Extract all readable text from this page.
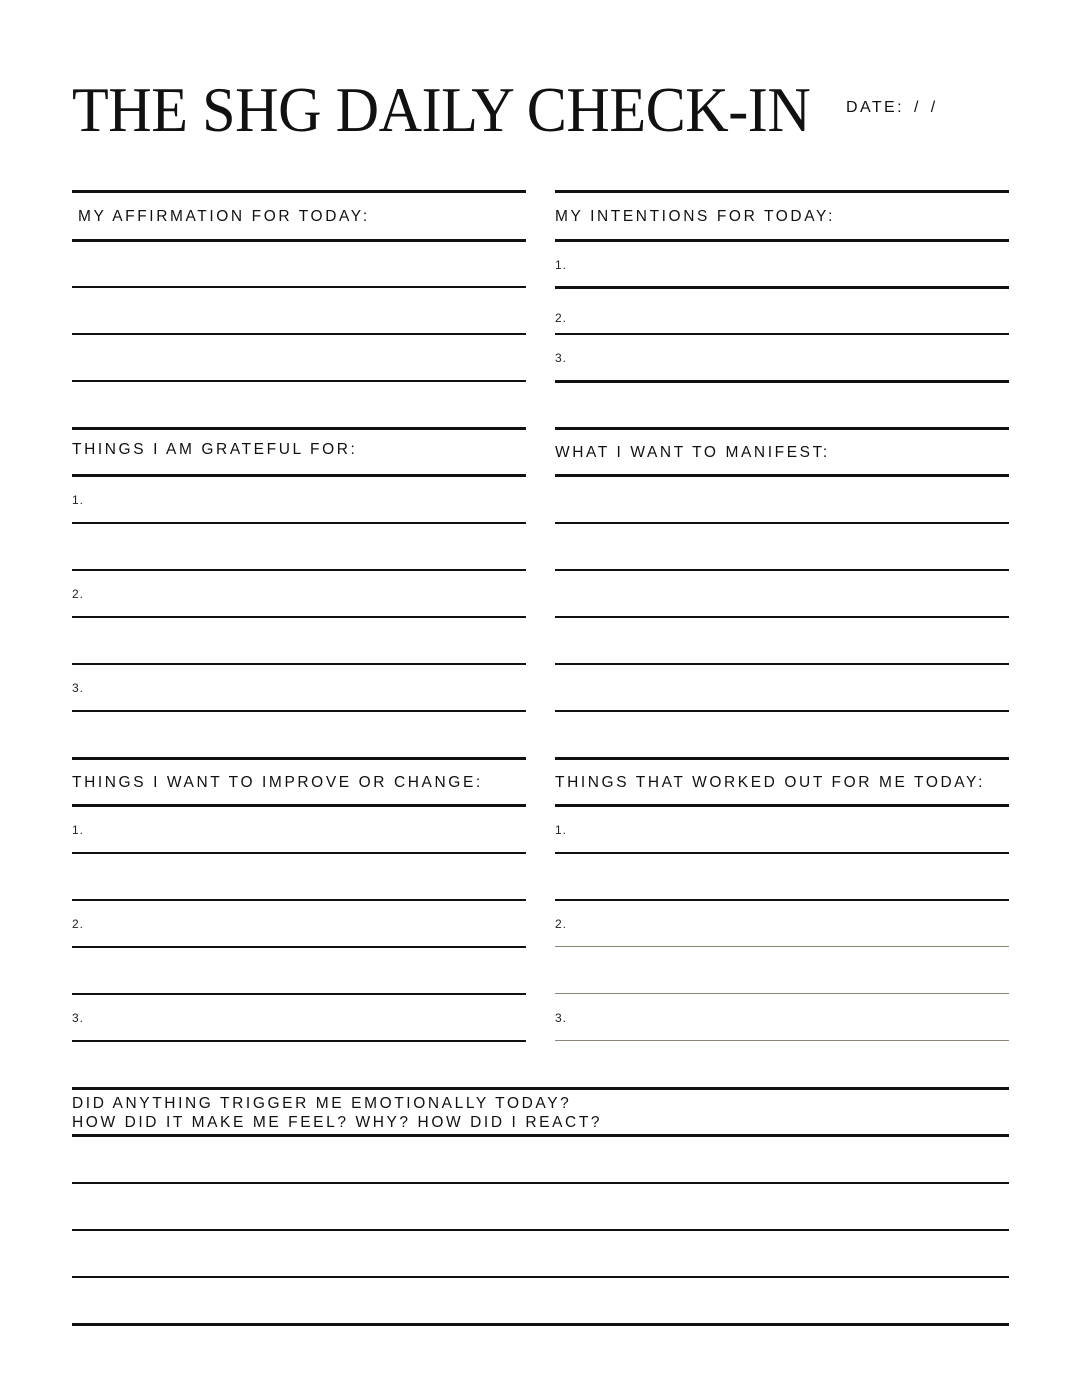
THE SHG DAILY CHECK-IN DATE: / /
MY AFFIRMATION FOR TODAY:	MY INTENTIONS FOR TODAY:
1.
2.
3.
THINGS I AM GRATEFUL FOR:
1.
2.
3.
WHAT I WANT TO MANIFEST:
THINGS I WANT TO IMPROVE OR CHANGE:
1.
2.
3.
THINGS THAT WORKED OUT FOR ME TODAY:
1.
2.
3.
DID ANYTHING TRIGGER ME EMOTIONALLY TODAY?
HOW DID IT MAKE ME FEEL? WHY? HOW DID I REACT?
